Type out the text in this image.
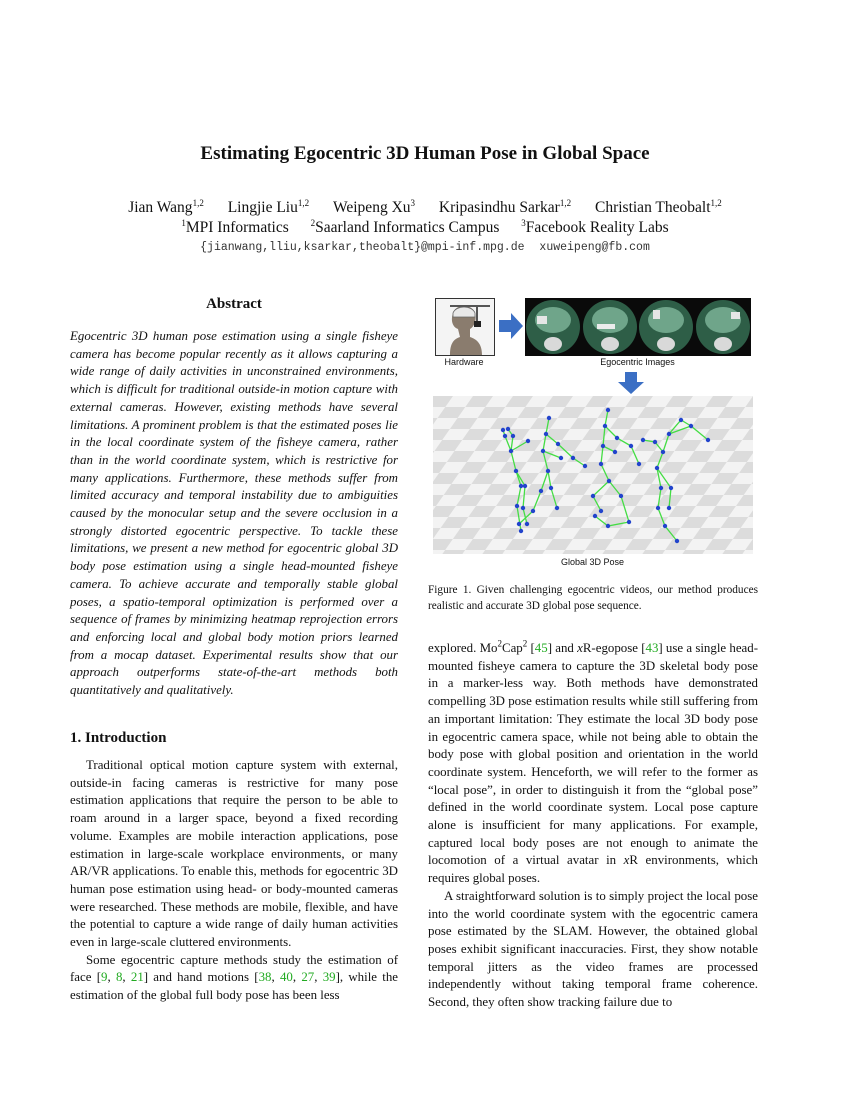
Estimating Egocentric 3D Human Pose in Global Space
Jian Wang$^{1,2}$ Lingjie Liu$^{1,2}$ Weipeng Xu$^3$ Kripasindhu Sarkar$^{1,2}$ Christian Theobalt$^{1,2}$
$^1$MPI Informatics $^2$Saarland Informatics Campus $^3$Facebook Reality Labs
{jianwang,lliu,ksarkar,theobalt}@mpi-inf.mpg.de xuweipeng@fb.com
Abstract
Egocentric 3D human pose estimation using a single fisheye camera has become popular recently as it allows capturing a wide range of daily activities in unconstrained environments, which is difficult for traditional outside-in motion capture with external cameras. However, existing methods have several limitations. A prominent problem is that the estimated poses lie in the local coordinate system of the fisheye camera, rather than in the world coordinate system, which is restrictive for many applications. Furthermore, these methods suffer from limited accuracy and temporal instability due to ambiguities caused by the monocular setup and the severe occlusion in a strongly distorted egocentric perspective. To tackle these limitations, we present a new method for egocentric global 3D body pose estimation using a single head-mounted fisheye camera. To achieve accurate and temporally stable global poses, a spatio-temporal optimization is performed over a sequence of frames by minimizing heatmap reprojection errors and enforcing local and global body motion priors learned from a mocap dataset. Experimental results show that our approach outperforms state-of-the-art methods both quantitatively and qualitatively.
1. Introduction

Traditional optical motion capture system with external, outside-in facing cameras is restrictive for many pose estimation applications that require the person to be able to roam around in a larger space, beyond a fixed recording volume. Examples are mobile interaction applications, pose estimation in large-scale workplace environments, or many AR/VR applications. To enable this, methods for egocentric 3D human pose estimation using head- or body-mounted cameras were researched. These methods are mobile, flexible, and have the potential to capture a wide range of daily human activities even in large-scale cluttered environments.

Some egocentric capture methods study the estimation of face [9, 8, 21] and hand motions [38, 40, 27, 39], while the estimation of the global full body pose has been less

Hardware	Egocentric Images
Global 3D Pose
Figure 1. Given challenging egocentric videos, our method produces realistic and accurate 3D global pose sequence.

explored. Mo$^2$Cap$^2$ [45] and xR-egopose [43] use a single head-mounted fisheye camera to capture the 3D skeletal body pose in a marker-less way. Both methods have demonstrated compelling 3D pose estimation results while still suffering from an important limitation: They estimate the local 3D body pose in egocentric camera space, while not being able to obtain the body pose with global position and orientation in the world coordinate system. Henceforth, we will refer to the former as “local pose”, in order to distinguish it from the “global pose” defined in the world coordinate system. Local pose capture alone is insufficient for many applications. For example, captured local body poses are not enough to animate the locomotion of a virtual avatar in xR environments, which requires global poses.

A straightforward solution is to simply project the local pose into the world coordinate system with the egocentric camera pose estimated by the SLAM. However, the obtained global poses exhibit significant inaccuracies. First, they show notable temporal jitters as the video frames are processed independently without taking temporal frame coherence. Second, they often show tracking failure due to
